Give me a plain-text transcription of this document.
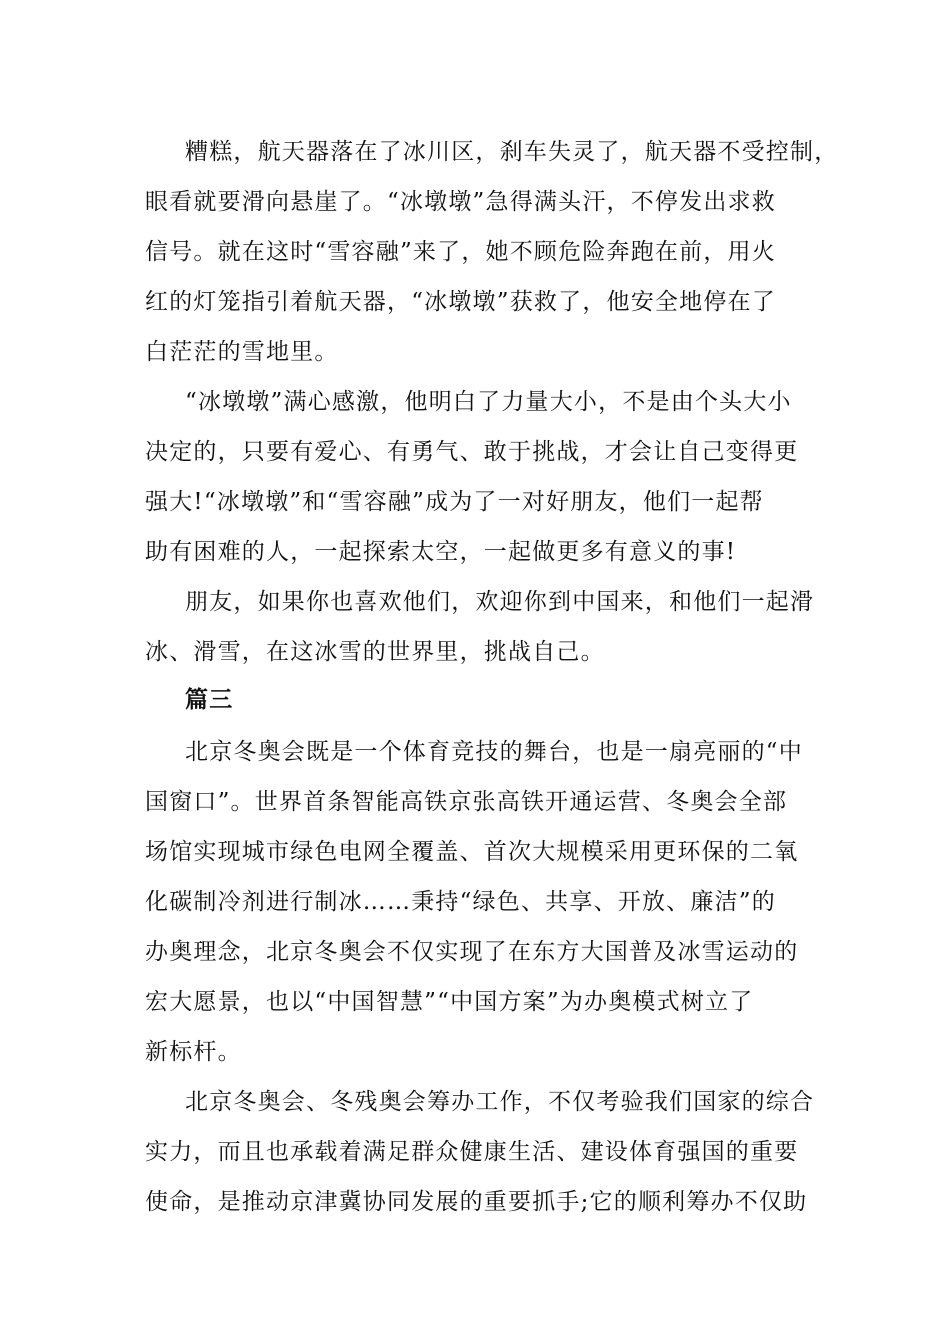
糟糕，航天器落在了冰川区，刹车失灵了，航天器不受控制，

眼看就要滑向悬崖了。“冰墩墩”急得满头汗，不停发出求救

信号。就在这时“雪容融”来了，她不顾危险奔跑在前，用火

红的灯笼指引着航天器，“冰墩墩”获救了，他安全地停在了

白茫茫的雪地里。

“冰墩墩”满心感激，他明白了力量大小，不是由个头大小

决定的，只要有爱心、有勇气、敢于挑战，才会让自己变得更

强大!“冰墩墩”和“雪容融”成为了一对好朋友，他们一起帮

助有困难的人，一起探索太空，一起做更多有意义的事!

朋友，如果你也喜欢他们，欢迎你到中国来，和他们一起滑

冰、滑雪，在这冰雪的世界里，挑战自己。

篇三

北京冬奥会既是一个体育竞技的舞台，也是一扇亮丽的“中

国窗口”。世界首条智能高铁京张高铁开通运营、冬奥会全部

场馆实现城市绿色电网全覆盖、首次大规模采用更环保的二氧

化碳制冷剂进行制冰……秉持“绿色、共享、开放、廉洁”的

办奥理念，北京冬奥会不仅实现了在东方大国普及冰雪运动的

宏大愿景，也以“中国智慧”“中国方案”为办奥模式树立了

新标杆。

北京冬奥会、冬残奥会筹办工作，不仅考验我们国家的综合

实力，而且也承载着满足群众健康生活、建设体育强国的重要

使命，是推动京津冀协同发展的重要抓手;它的顺利筹办不仅助
